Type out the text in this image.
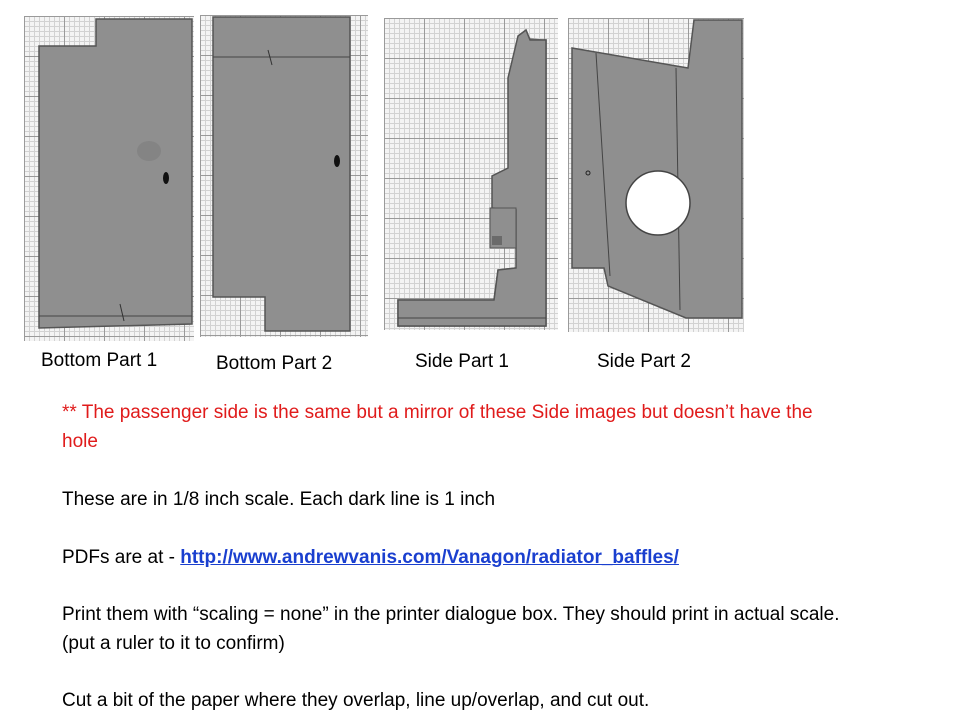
Bottom Part 1	Bottom Part 2	Side Part 1	Side Part 2
** The passenger side is the same but a mirror of these Side images but doesn’t have the hole
These are in 1/8 inch scale. Each dark line is 1 inch
PDFs are at - http://www.andrewvanis.com/Vanagon/radiator_baffles/
Print them with “scaling = none” in the printer dialogue box. They should print in actual scale. (put a ruler to it to confirm)
Cut a bit of the paper where they overlap, line up/overlap, and cut out.
